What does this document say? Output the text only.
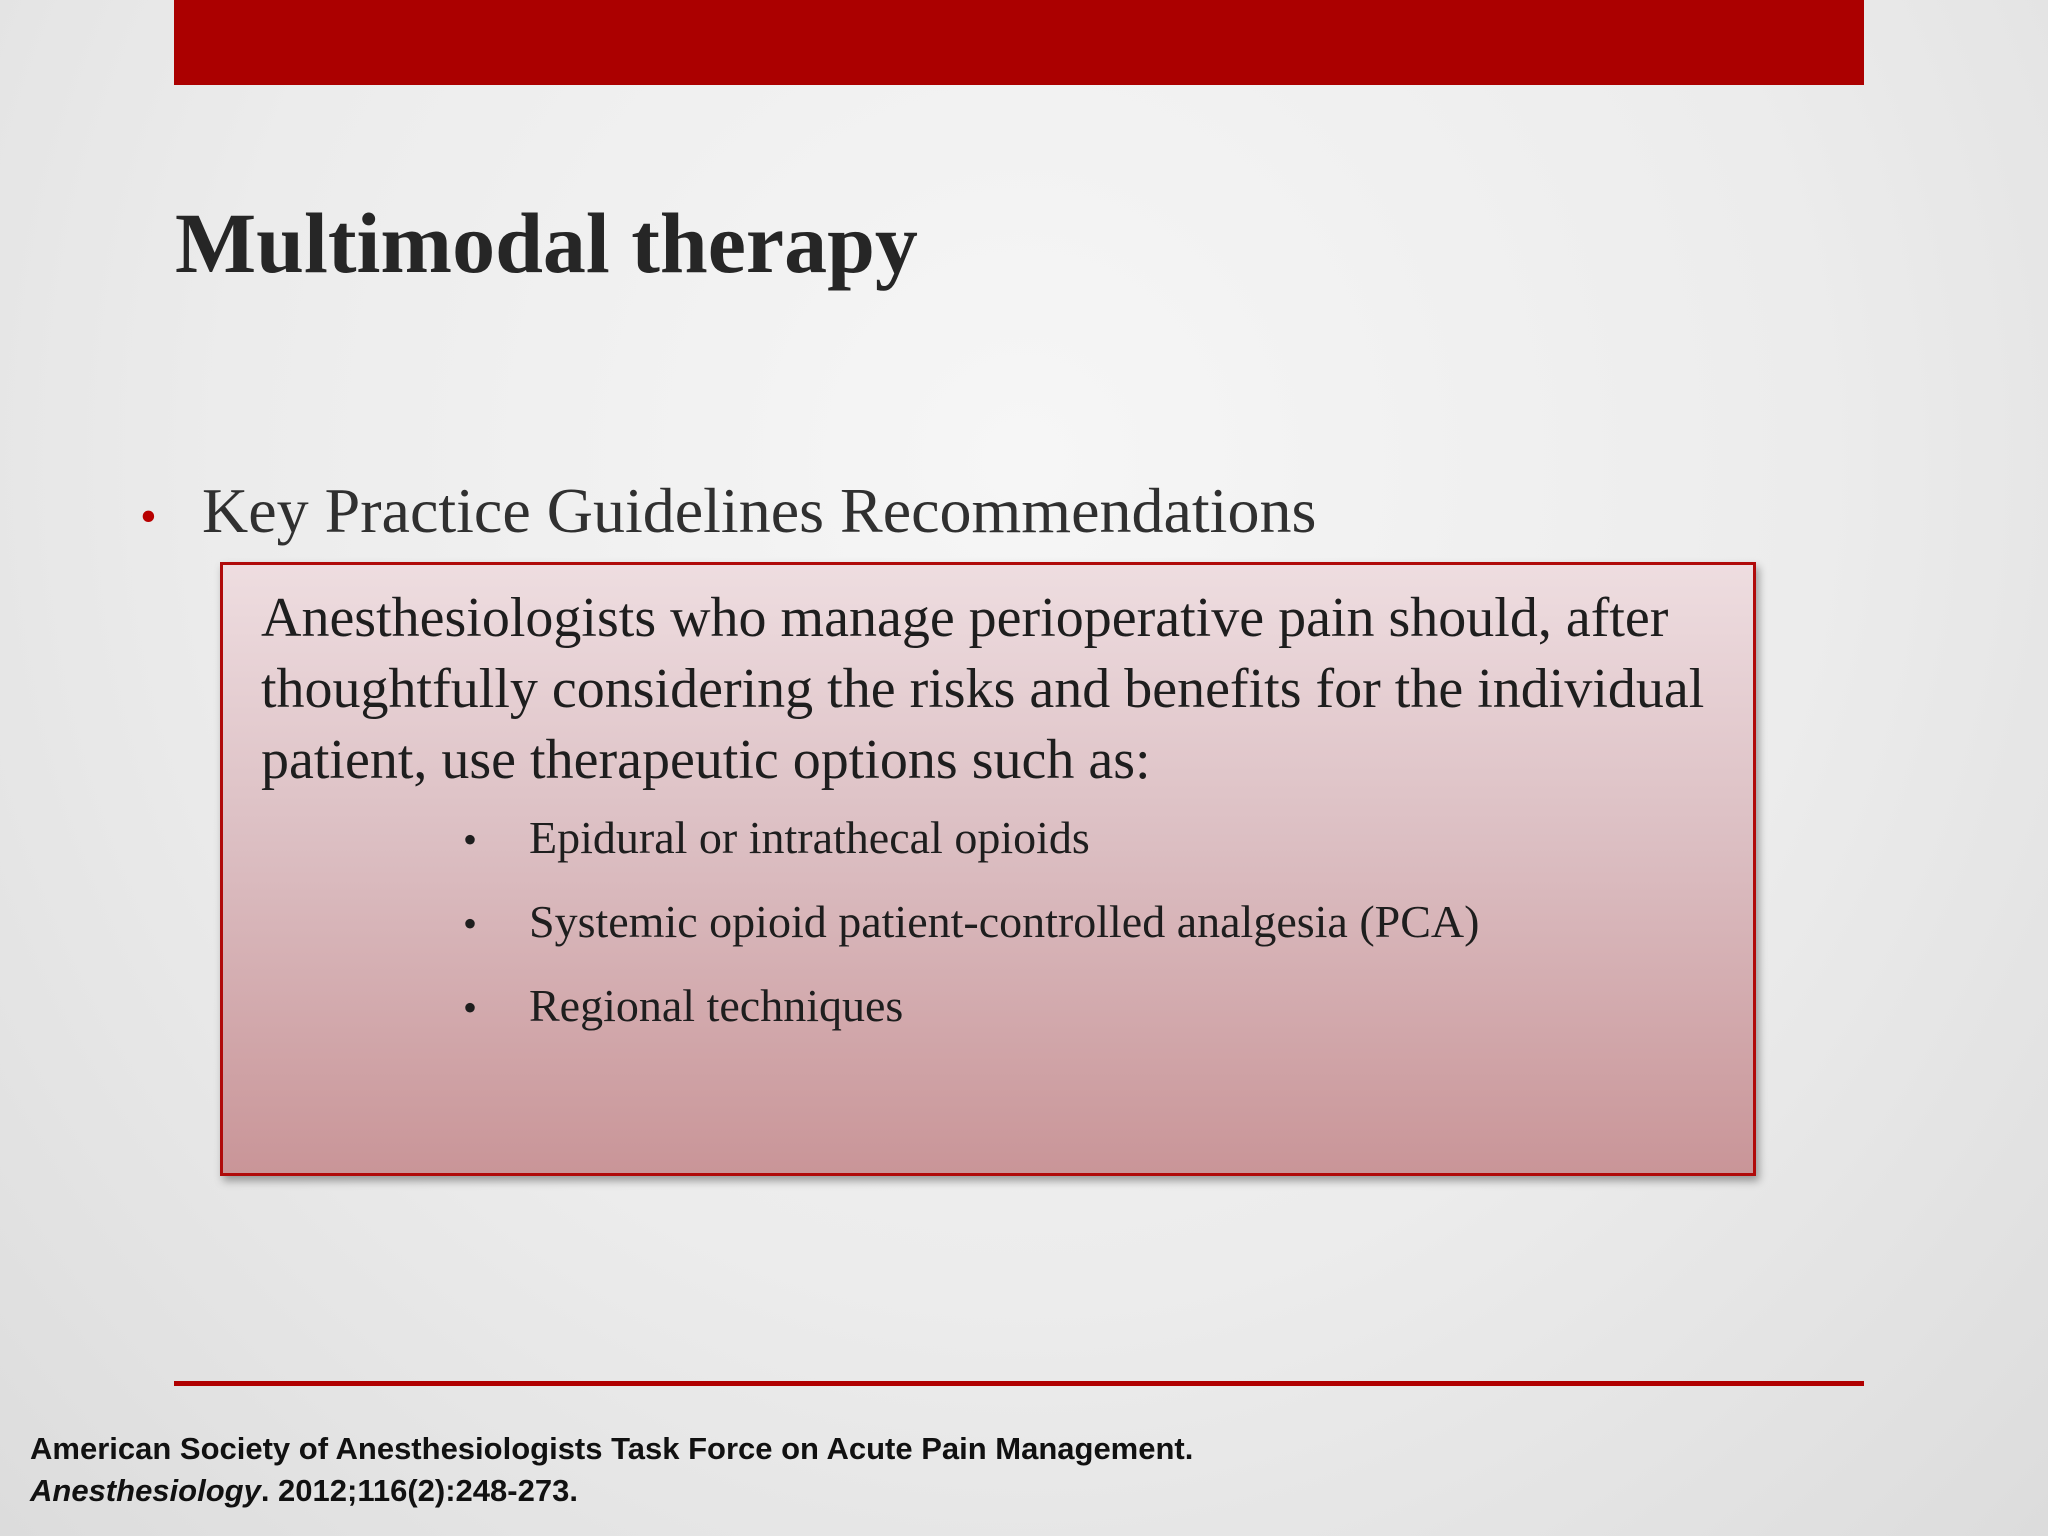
Multimodal therapy
• Key Practice Guidelines Recommendations

Anesthesiologists who manage perioperative pain should, after thoughtfully considering the risks and benefits for the individual patient, use therapeutic options such as:

•	Epidural or intrathecal opioids
•	Systemic opioid patient-controlled analgesia (PCA)
•	Regional techniques
American Society of Anesthesiologists Task Force on Acute Pain Management.
Anesthesiology. 2012;116(2):248-273.
